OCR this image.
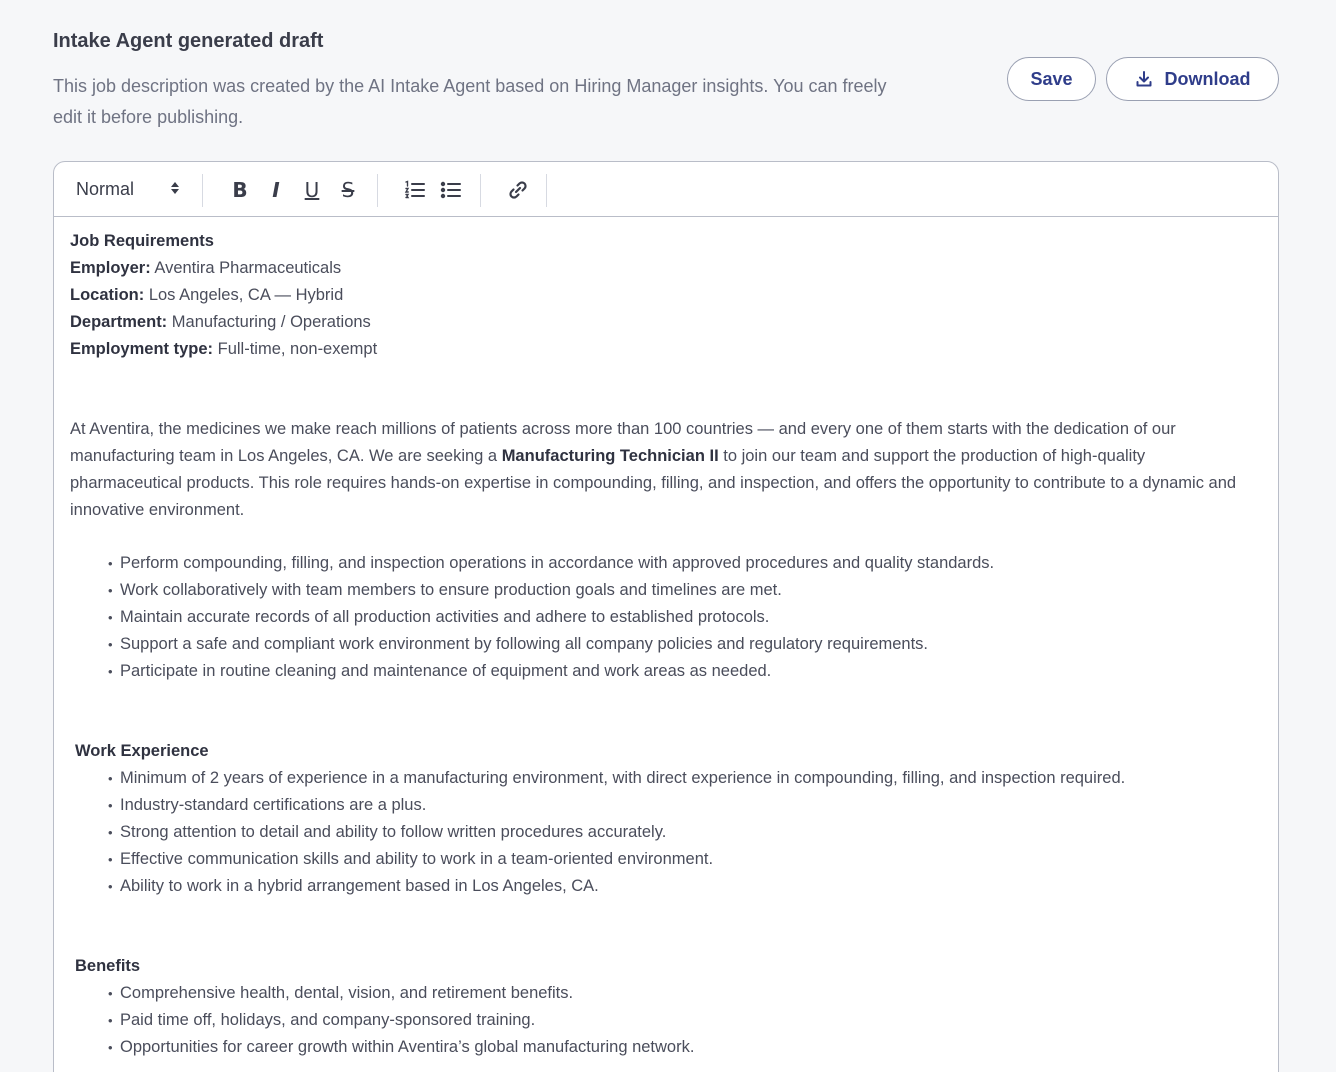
Intake Agent generated draft
This job description was created by the AI Intake Agent based on Hiring Manager insights. You can freely edit it before publishing.
Save	Download
Normal	B	I	U	S
Job Requirements
Employer: Aventira Pharmaceuticals
Location: Los Angeles, CA — Hybrid
Department: Manufacturing / Operations
Employment type: Full-time, non-exempt
At Aventira, the medicines we make reach millions of patients across more than 100 countries — and every one of them starts with the dedication of our manufacturing team in Los Angeles, CA. We are seeking a Manufacturing Technician II to join our team and support the production of high-quality pharmaceutical products. This role requires hands-on expertise in compounding, filling, and inspection, and offers the opportunity to contribute to a dynamic and innovative environment.
• Perform compounding, filling, and inspection operations in accordance with approved procedures and quality standards.
• Work collaboratively with team members to ensure production goals and timelines are met.
• Maintain accurate records of all production activities and adhere to established protocols.
• Support a safe and compliant work environment by following all company policies and regulatory requirements.
• Participate in routine cleaning and maintenance of equipment and work areas as needed.
Work Experience
• Minimum of 2 years of experience in a manufacturing environment, with direct experience in compounding, filling, and inspection required.
• Industry-standard certifications are a plus.
• Strong attention to detail and ability to follow written procedures accurately.
• Effective communication skills and ability to work in a team-oriented environment.
• Ability to work in a hybrid arrangement based in Los Angeles, CA.
Benefits
• Comprehensive health, dental, vision, and retirement benefits.
• Paid time off, holidays, and company-sponsored training.
• Opportunities for career growth within Aventira’s global manufacturing network.
